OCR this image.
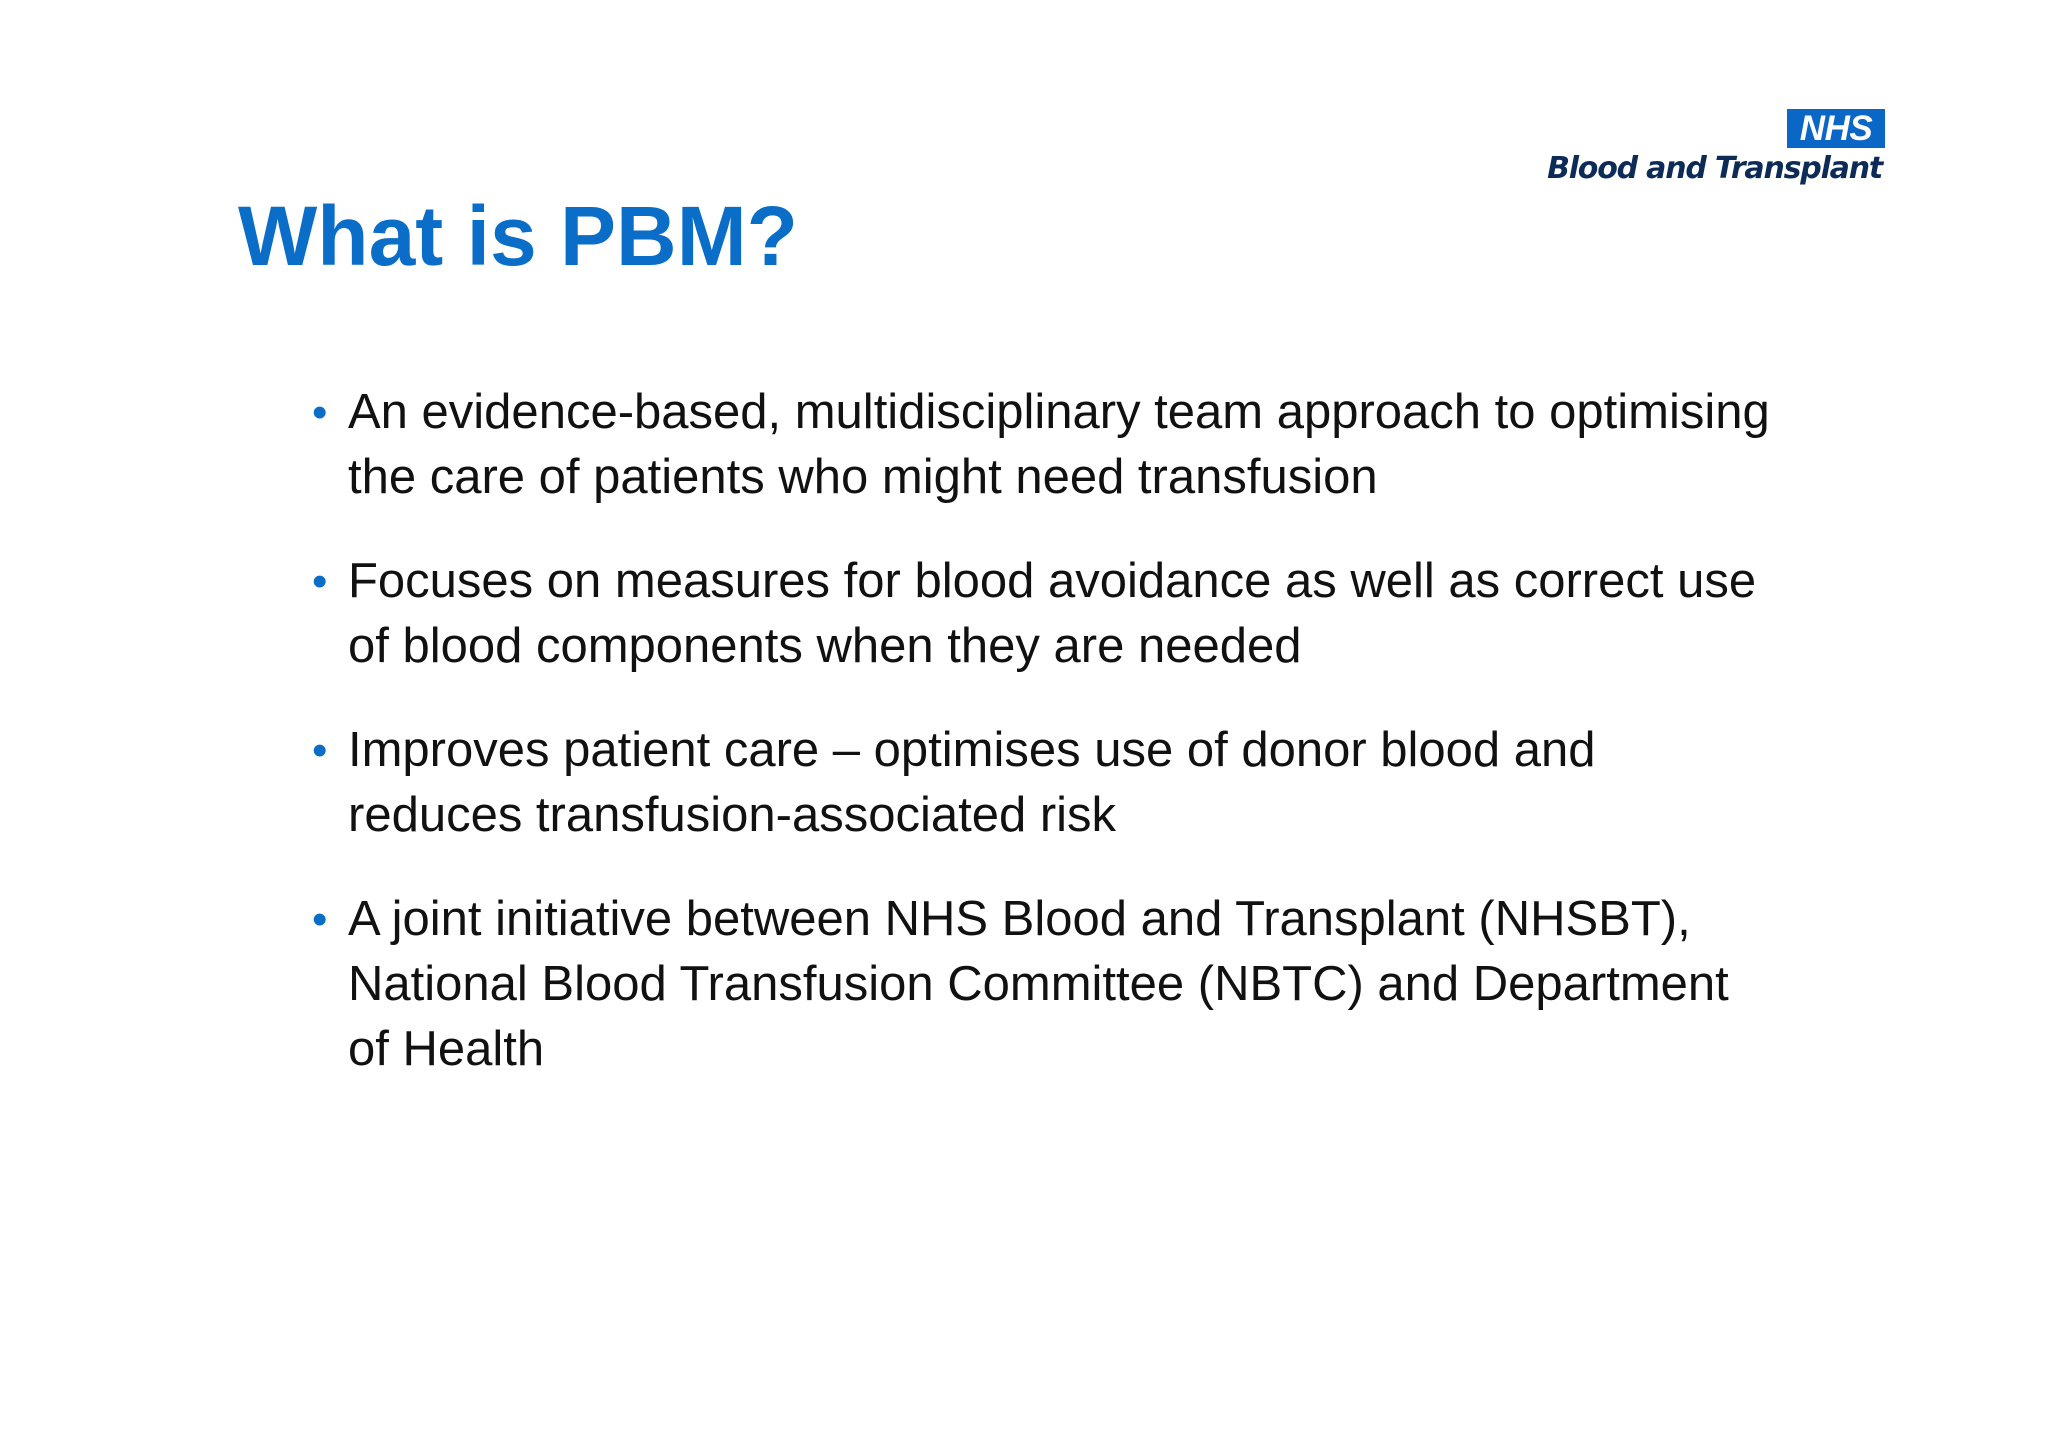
NHS
Blood and Transplant
What is PBM?
• An evidence-based, multidisciplinary team approach to optimising the care of patients who might need transfusion
• Focuses on measures for blood avoidance as well as correct use of blood components when they are needed
• Improves patient care – optimises use of donor blood and reduces transfusion-associated risk
• A joint initiative between NHS Blood and Transplant (NHSBT), National Blood Transfusion Committee (NBTC) and Department of Health
